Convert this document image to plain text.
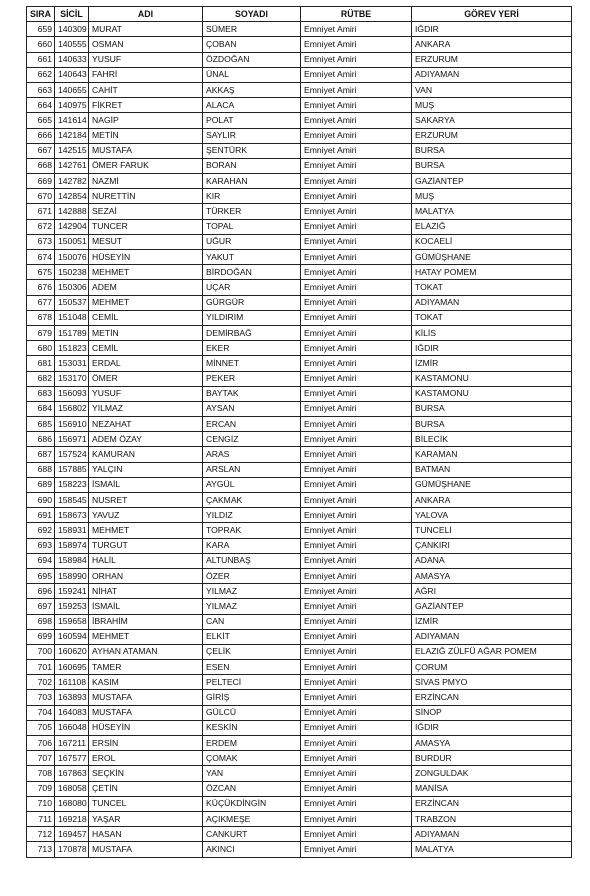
SIRA	SİCİL	ADI	SOYADI	RÜTBE	GÖREV YERİ
659	140309	MURAT	SÜMER	Emniyet Amiri	IĞDIR
660	140555	OSMAN	ÇOBAN	Emniyet Amiri	ANKARA
661	140633	YUSUF	ÖZDOĞAN	Emniyet Amiri	ERZURUM
662	140643	FAHRİ	ÜNAL	Emniyet Amiri	ADIYAMAN
663	140655	CAHİT	AKKAŞ	Emniyet Amiri	VAN
664	140975	FİKRET	ALACA	Emniyet Amiri	MUŞ
665	141614	NAGİP	POLAT	Emniyet Amiri	SAKARYA
666	142184	METİN	SAYLIR	Emniyet Amiri	ERZURUM
667	142515	MUSTAFA	ŞENTÜRK	Emniyet Amiri	BURSA
668	142761	ÖMER FARUK	BORAN	Emniyet Amiri	BURSA
669	142782	NAZMİ	KARAHAN	Emniyet Amiri	GAZİANTEP
670	142854	NURETTİN	KIR	Emniyet Amiri	MUŞ
671	142888	SEZAİ	TÜRKER	Emniyet Amiri	MALATYA
672	142904	TUNCER	TOPAL	Emniyet Amiri	ELAZIĞ
673	150051	MESUT	UĞUR	Emniyet Amiri	KOCAELİ
674	150076	HÜSEYİN	YAKUT	Emniyet Amiri	GÜMÜŞHANE
675	150238	MEHMET	BİRDOĞAN	Emniyet Amiri	HATAY POMEM
676	150306	ADEM	UÇAR	Emniyet Amiri	TOKAT
677	150537	MEHMET	GÜRGÜR	Emniyet Amiri	ADIYAMAN
678	151048	CEMİL	YILDIRIM	Emniyet Amiri	TOKAT
679	151789	METİN	DEMİRBAĞ	Emniyet Amiri	KİLİS
680	151823	CEMİL	EKER	Emniyet Amiri	IĞDIR
681	153031	ERDAL	MİNNET	Emniyet Amiri	İZMİR
682	153170	ÖMER	PEKER	Emniyet Amiri	KASTAMONU
683	156093	YUSUF	BAYTAK	Emniyet Amiri	KASTAMONU
684	156802	YILMAZ	AYSAN	Emniyet Amiri	BURSA
685	156910	NEZAHAT	ERCAN	Emniyet Amiri	BURSA
686	156971	ADEM ÖZAY	CENGİZ	Emniyet Amiri	BİLECİK
687	157524	KAMURAN	ARAS	Emniyet Amiri	KARAMAN
688	157885	YALÇIN	ARSLAN	Emniyet Amiri	BATMAN
689	158223	İSMAİL	AYGÜL	Emniyet Amiri	GÜMÜŞHANE
690	158545	NUSRET	ÇAKMAK	Emniyet Amiri	ANKARA
691	158673	YAVUZ	YILDIZ	Emniyet Amiri	YALOVA
692	158931	MEHMET	TOPRAK	Emniyet Amiri	TUNCELİ
693	158974	TURGUT	KARA	Emniyet Amiri	ÇANKIRI
694	158984	HALİL	ALTUNBAŞ	Emniyet Amiri	ADANA
695	158990	ORHAN	ÖZER	Emniyet Amiri	AMASYA
696	159241	NİHAT	YILMAZ	Emniyet Amiri	AĞRI
697	159253	İSMAİL	YILMAZ	Emniyet Amiri	GAZİANTEP
698	159658	İBRAHİM	CAN	Emniyet Amiri	İZMİR
699	160594	MEHMET	ELKİT	Emniyet Amiri	ADIYAMAN
700	160620	AYHAN ATAMAN	ÇELİK	Emniyet Amiri	ELAZIĞ ZÜLFÜ AĞAR POMEM
701	160695	TAMER	ESEN	Emniyet Amiri	ÇORUM
702	161108	KASIM	PELTECİ	Emniyet Amiri	SİVAS PMYO
703	163893	MUSTAFA	GİRİŞ	Emniyet Amiri	ERZİNCAN
704	164083	MUSTAFA	GÜLCÜ	Emniyet Amiri	SİNOP
705	166048	HÜSEYİN	KESKİN	Emniyet Amiri	IĞDIR
706	167211	ERSİN	ERDEM	Emniyet Amiri	AMASYA
707	167577	EROL	ÇOMAK	Emniyet Amiri	BURDUR
708	167863	SEÇKİN	YAN	Emniyet Amiri	ZONGULDAK
709	168058	ÇETİN	ÖZCAN	Emniyet Amiri	MANİSA
710	168080	TUNCEL	KÜÇÜKDİNGİN	Emniyet Amiri	ERZİNCAN
711	169218	YAŞAR	AÇIKMEŞE	Emniyet Amiri	TRABZON
712	169457	HASAN	CANKURT	Emniyet Amiri	ADIYAMAN
713	170878	MUSTAFA	AKINCI	Emniyet Amiri	MALATYA
